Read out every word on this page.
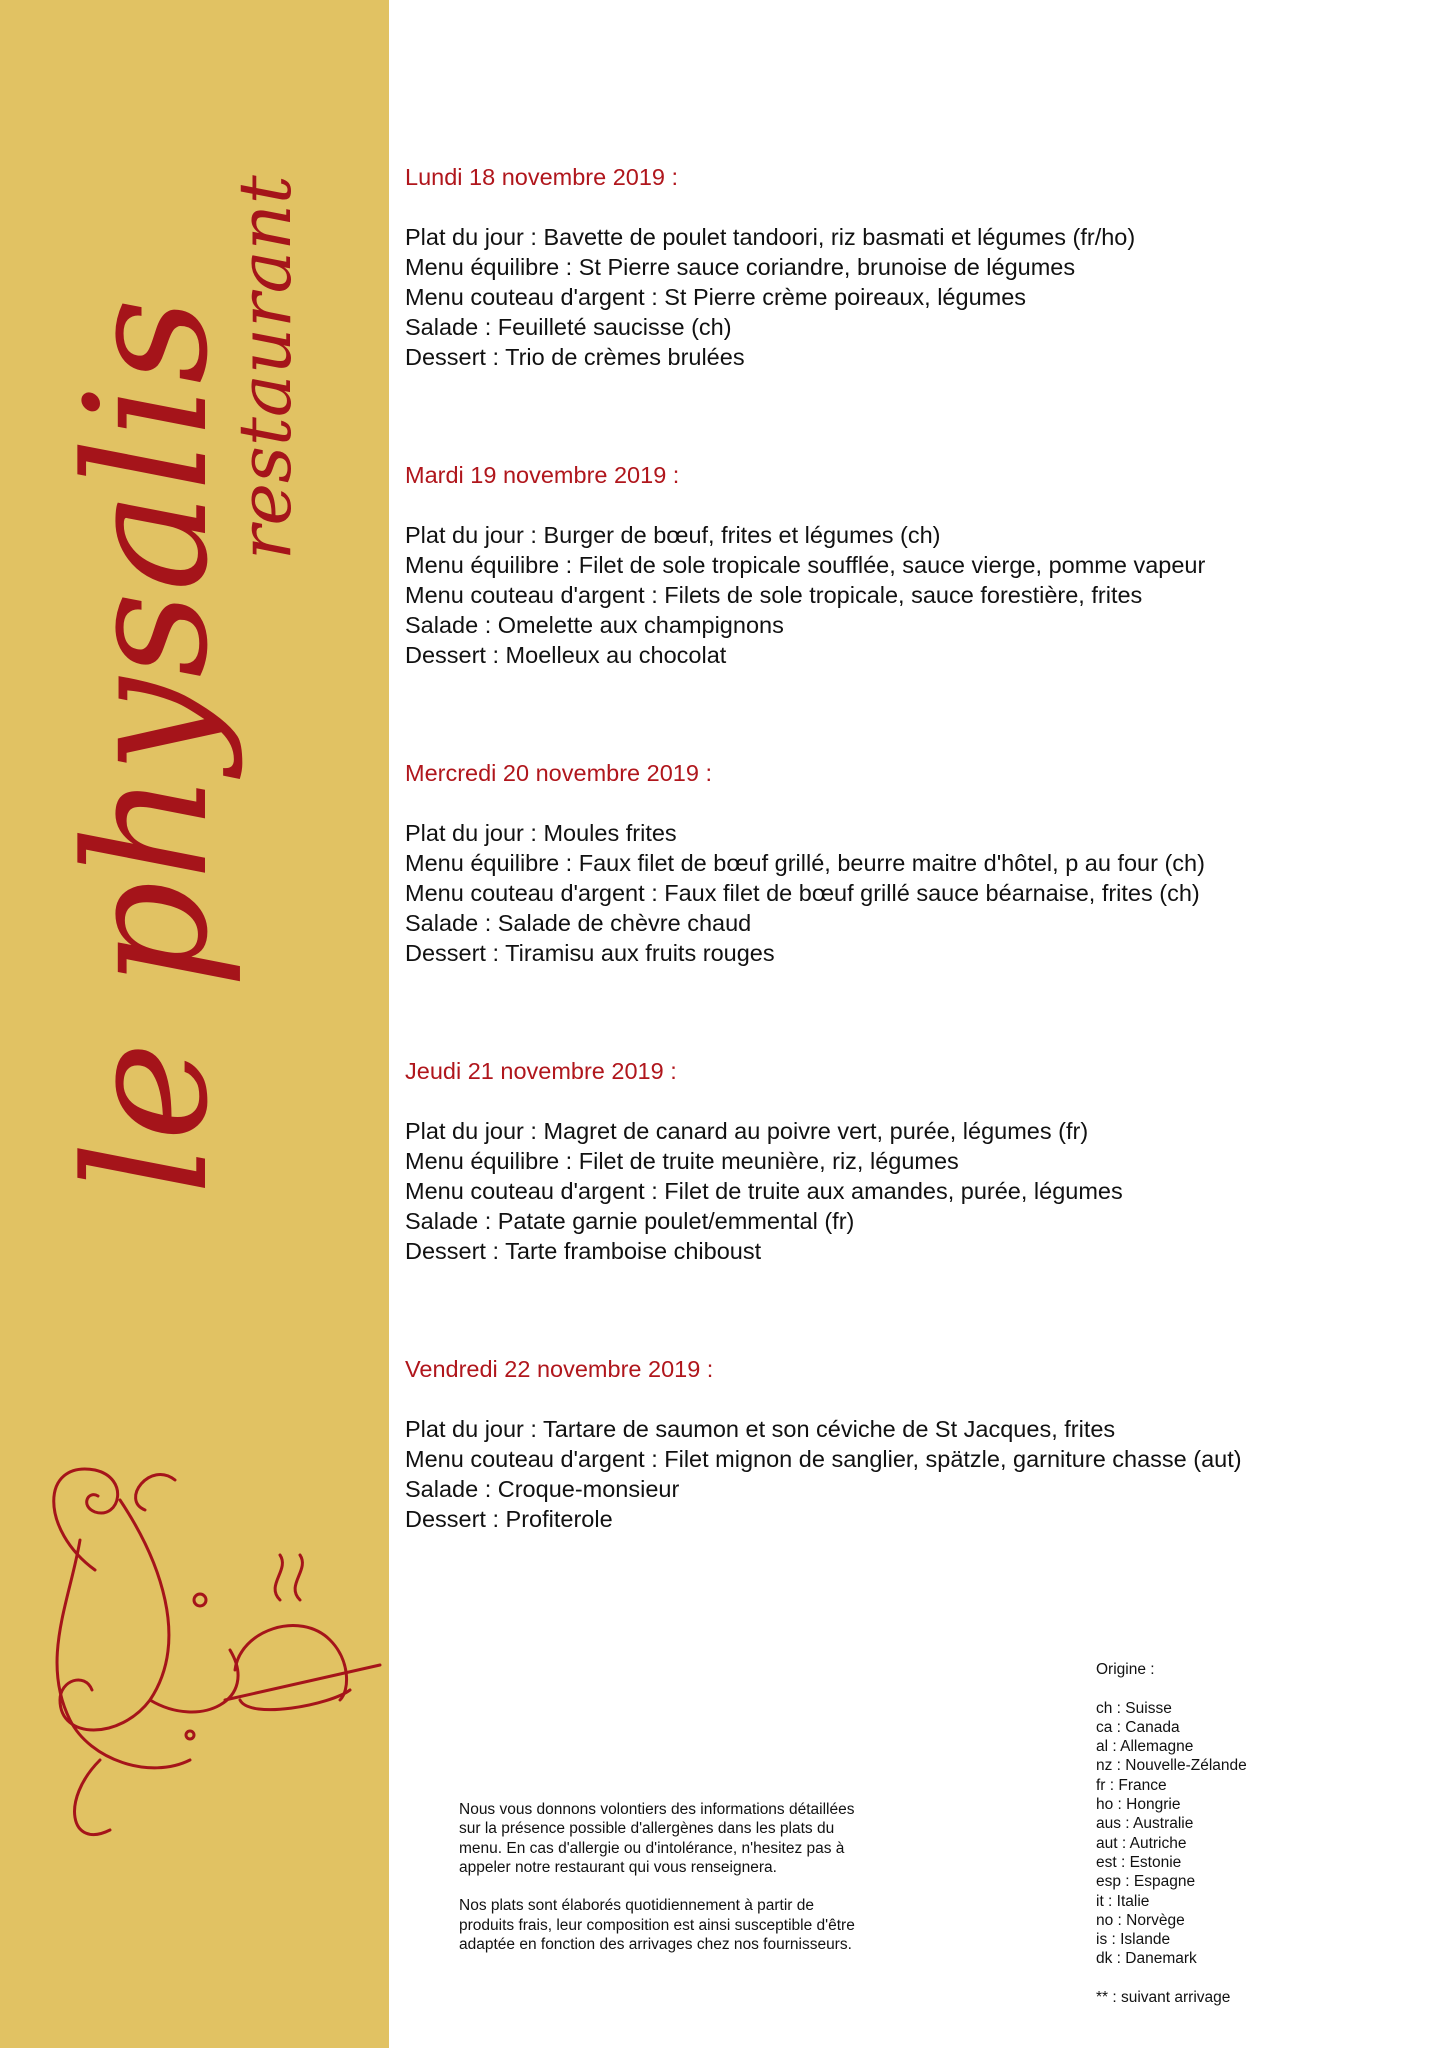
le physalis
restaurant	Lundi 18 novembre 2019 :
Plat du jour : Bavette de poulet tandoori, riz basmati et légumes (fr/ho)
Menu équilibre : St Pierre sauce coriandre, brunoise de légumes
Menu couteau d'argent : St Pierre crème poireaux, légumes
Salade : Feuilleté saucisse (ch)
Dessert : Trio de crèmes brulées
Mardi 19 novembre 2019 :
Plat du jour : Burger de bœuf, frites et légumes (ch)
Menu équilibre : Filet de sole tropicale soufflée, sauce vierge, pomme vapeur
Menu couteau d'argent : Filets de sole tropicale, sauce forestière, frites
Salade : Omelette aux champignons
Dessert : Moelleux au chocolat
Mercredi 20 novembre 2019 :
Plat du jour : Moules frites
Menu équilibre : Faux filet de bœuf grillé, beurre maitre d'hôtel, p au four (ch)
Menu couteau d'argent : Faux filet de bœuf grillé sauce béarnaise, frites (ch)
Salade : Salade de chèvre chaud
Dessert : Tiramisu aux fruits rouges
Jeudi 21 novembre 2019 :
Plat du jour : Magret de canard au poivre vert, purée, légumes (fr)
Menu équilibre : Filet de truite meunière, riz, légumes
Menu couteau d'argent : Filet de truite aux amandes, purée, légumes
Salade : Patate garnie poulet/emmental (fr)
Dessert : Tarte framboise chiboust
Vendredi 22 novembre 2019 :
Plat du jour : Tartare de saumon et son céviche de St Jacques, frites
Menu couteau d'argent : Filet mignon de sanglier, spätzle, garniture chasse (aut)
Salade : Croque-monsieur
Dessert : Profiterole
Origine :
ch : Suisse
ca : Canada
al : Allemagne
nz : Nouvelle-Zélande
fr : France
ho : Hongrie
aus : Australie
aut : Autriche
est : Estonie
esp : Espagne
it : Italie
no : Norvège
is : Islande
dk : Danemark
** : suivant arrivage

Nous vous donnons volontiers des informations détaillées
sur la présence possible d'allergènes dans les plats du
menu. En cas d'allergie ou d'intolérance, n'hesitez pas à
appeler notre restaurant qui vous renseignera.

Nos plats sont élaborés quotidiennement à partir de
produits frais, leur composition est ainsi susceptible d'être
adaptée en fonction des arrivages chez nos fournisseurs.
